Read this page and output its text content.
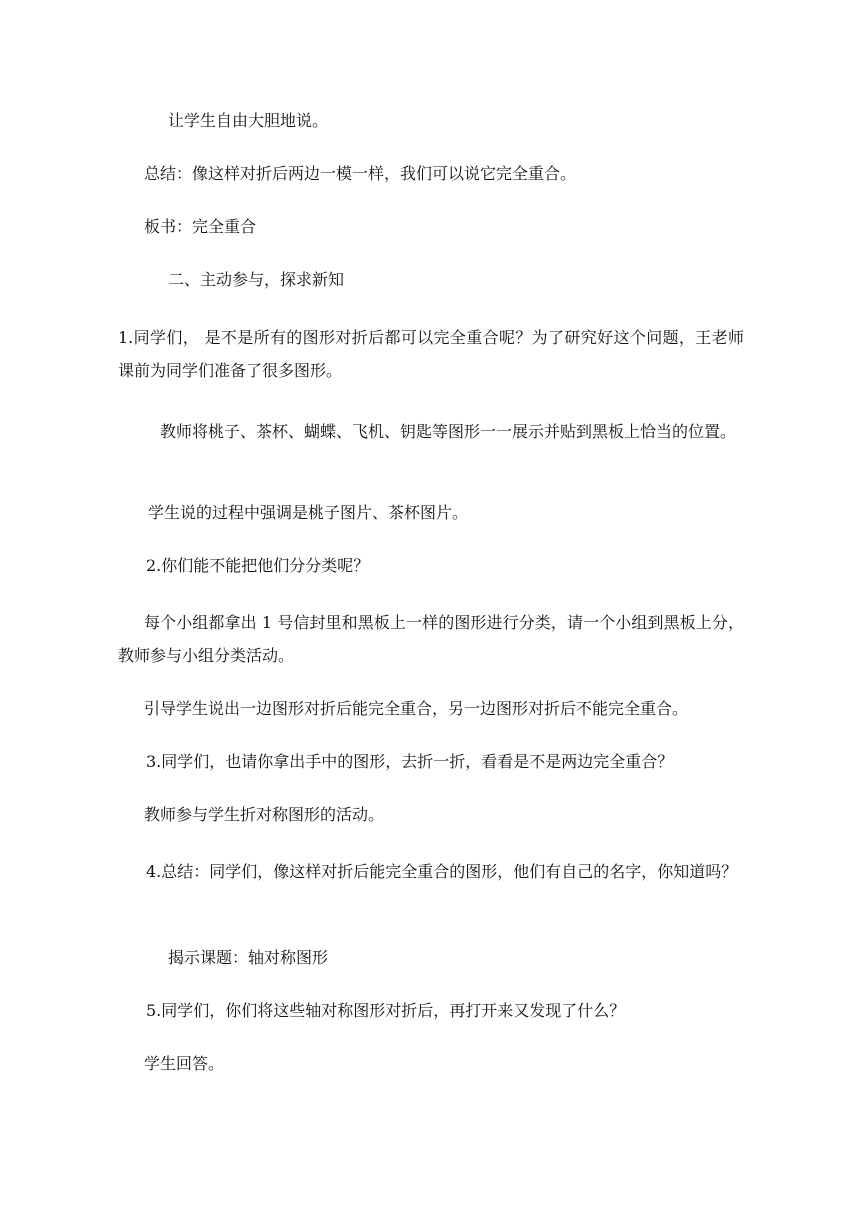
　让学生自由大胆地说。
总结：像这样对折后两边一模一样，我们可以说它完全重合。
板书：完全重合
　二、主动参与，探求新知
1.同学们， 是不是所有的图形对折后都可以完全重合呢？为了研究好这个问题，王老师课前为同学们准备了很多图形。
　教师将桃子、茶杯、蝴蝶、飞机、钥匙等图形一一展示并贴到黑板上恰当的位置。
学生说的过程中强调是桃子图片、茶杯图片。
2.你们能不能把他们分分类呢？
每个小组都拿出 1 号信封里和黑板上一样的图形进行分类，请一个小组到黑板上分，教师参与小组分类活动。
引导学生说出一边图形对折后能完全重合，另一边图形对折后不能完全重合。
3.同学们，也请你拿出手中的图形，去折一折，看看是不是两边完全重合？
教师参与学生折对称图形的活动。
4.总结：同学们，像这样对折后能完全重合的图形，他们有自己的名字，你知道吗？
　揭示课题：轴对称图形
5.同学们，你们将这些轴对称图形对折后，再打开来又发现了什么？
学生回答。
